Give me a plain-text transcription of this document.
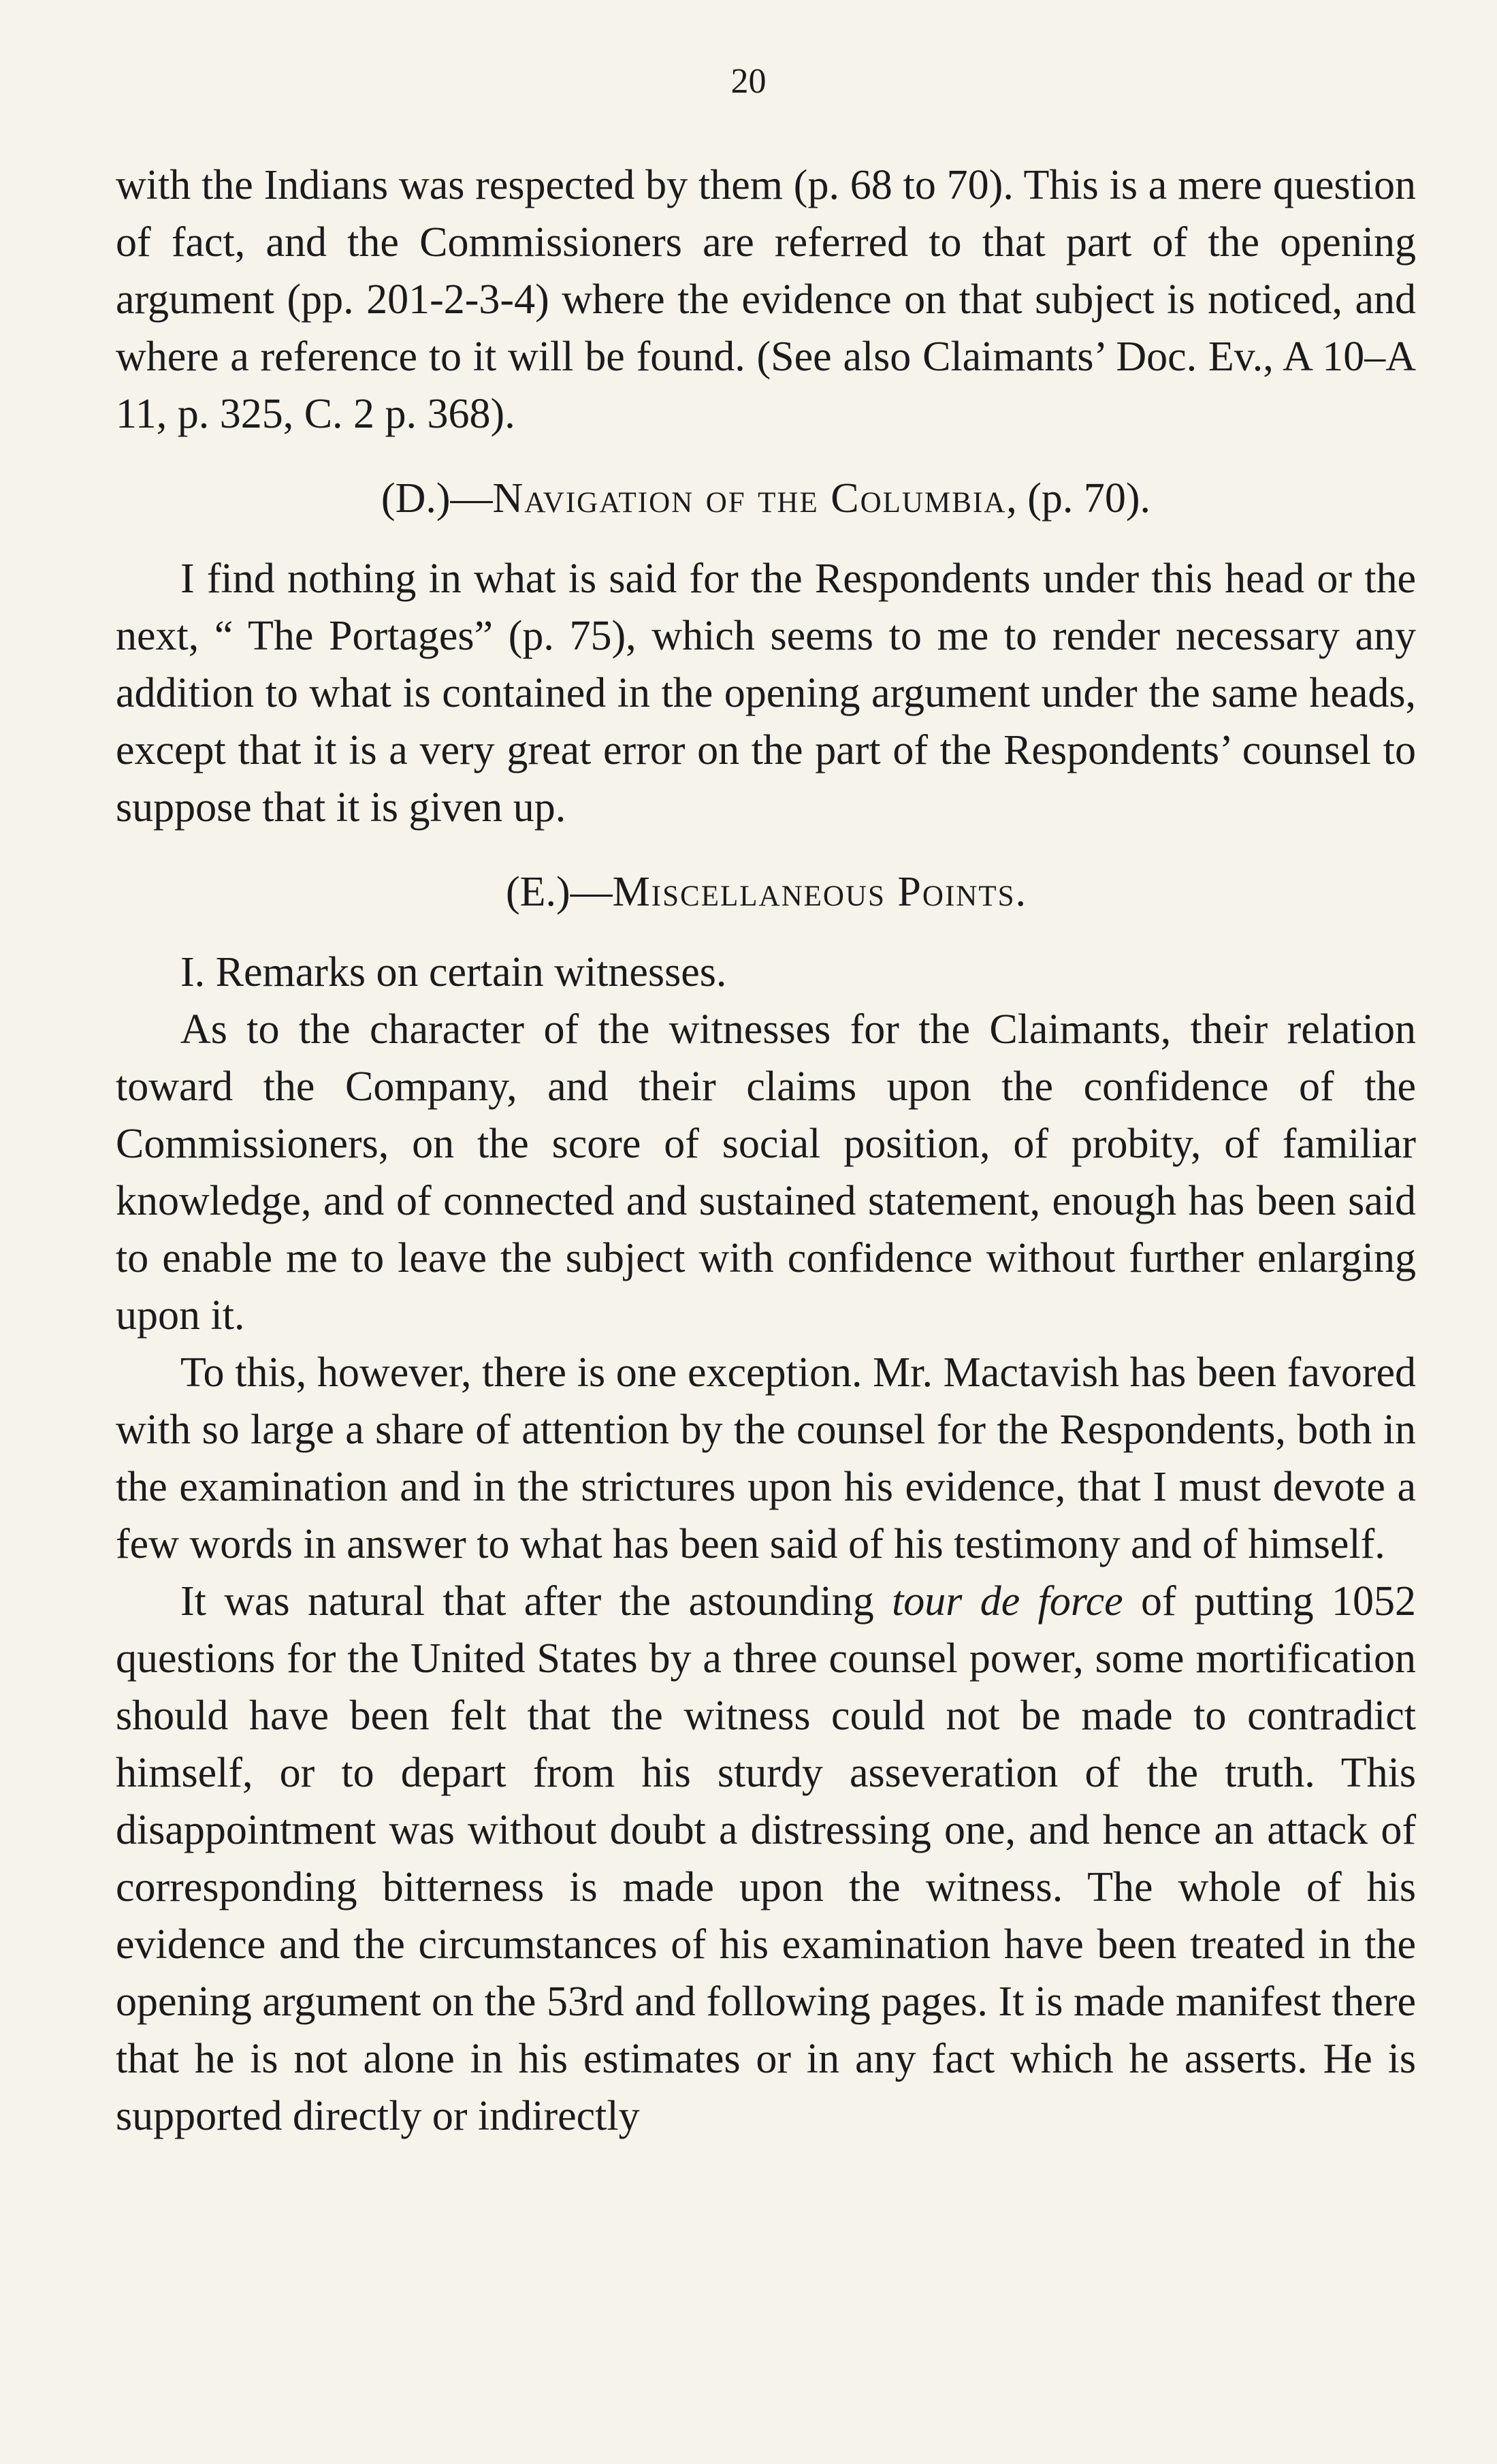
20

with the Indians was respected by them (p. 68 to 70). This is a mere question of fact, and the Commissioners are referred to that part of the opening argument (pp. 201-2-3-4) where the evidence on that subject is noticed, and where a reference to it will be found. (See also Claimants’ Doc. Ev., A 10–A 11, p. 325, C. 2 p. 368).

(D.)—Navigation of the Columbia, (p. 70).

I find nothing in what is said for the Respondents under this head or the next, “ The Portages” (p. 75), which seems to me to render necessary any addition to what is contained in the opening argument under the same heads, except that it is a very great error on the part of the Respondents’ counsel to suppose that it is given up.

(E.)—Miscellaneous Points.

I. Remarks on certain witnesses.

As to the character of the witnesses for the Claimants, their relation toward the Company, and their claims upon the confidence of the Commissioners, on the score of social position, of probity, of familiar knowledge, and of connected and sustained statement, enough has been said to enable me to leave the subject with confidence without further enlarging upon it.

To this, however, there is one exception. Mr. Mactavish has been favored with so large a share of attention by the counsel for the Respondents, both in the examination and in the strictures upon his evidence, that I must devote a few words in answer to what has been said of his testimony and of himself.

It was natural that after the astounding tour de force of putting 1052 questions for the United States by a three counsel power, some mortification should have been felt that the witness could not be made to contradict himself, or to depart from his sturdy asseveration of the truth. This disappointment was without doubt a distressing one, and hence an attack of corresponding bitterness is made upon the witness. The whole of his evidence and the circumstances of his examination have been treated in the opening argument on the 53rd and following pages. It is made manifest there that he is not alone in his estimates or in any fact which he asserts. He is supported directly or indirectly
